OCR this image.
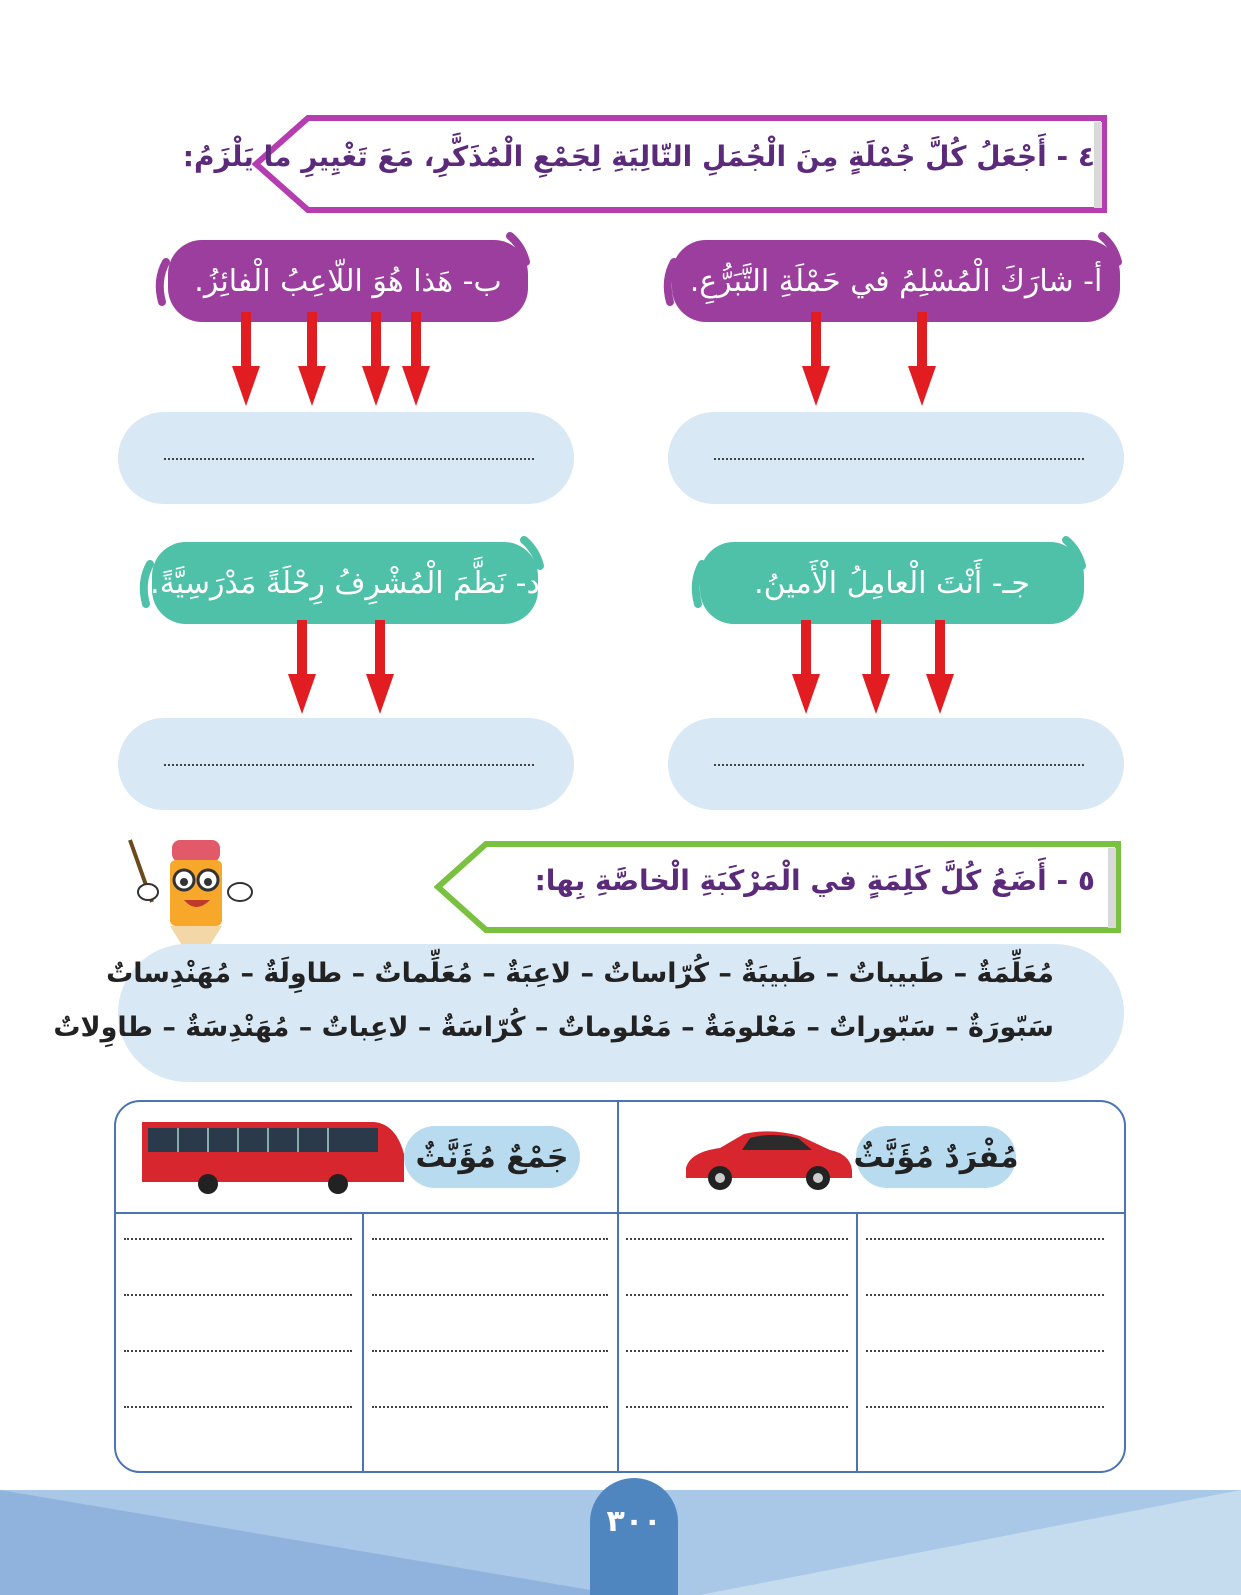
٤ - أَجْعَلُ كُلَّ جُمْلَةٍ مِنَ الْجُمَلِ التّالِيَةِ لِجَمْعِ الْمُذَكَّرِ، مَعَ تَغْيِيرِ ما يَلْزَمُ:
أ- شارَكَ الْمُسْلِمُ في حَمْلَةِ التَّبَرُّعِ.
ب- هَذا هُوَ اللّاعِبُ الْفائِزُ.
جـ- أَنْتَ الْعامِلُ الْأَمينُ.
د- نَظَّمَ الْمُشْرِفُ رِحْلَةً مَدْرَسِيَّةً.
٥ - أَضَعُ كُلَّ كَلِمَةٍ في الْمَرْكَبَةِ الْخاصَّةِ بِها:
مُعَلِّمَةٌ – طَبيباتٌ – طَبيبَةٌ – كُرّاساتٌ – لاعِبَةٌ – مُعَلِّماتٌ – طاوِلَةٌ – مُهَنْدِساتٌ
سَبّورَةٌ – سَبّوراتٌ – مَعْلومَةٌ – مَعْلوماتٌ – كُرّاسَةٌ – لاعِباتٌ – مُهَنْدِسَةٌ – طاوِلاتٌ
مُفْرَدٌ مُؤَنَّثٌ
جَمْعٌ مُؤَنَّثٌ
٣٠٠
